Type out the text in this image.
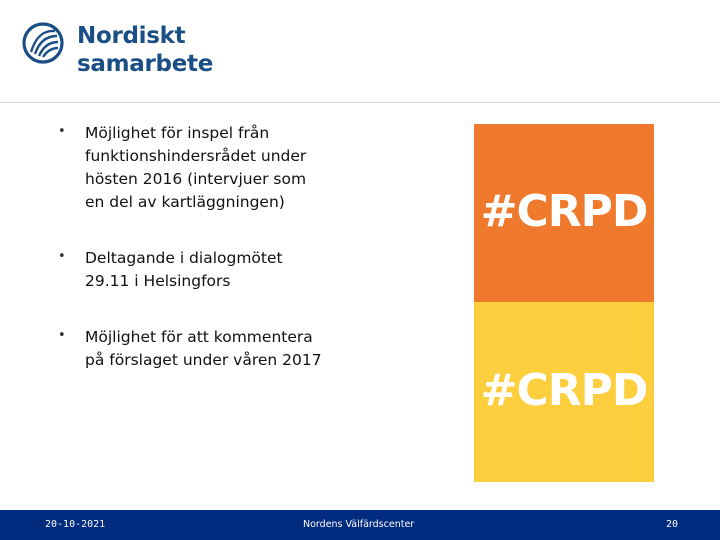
Nordiskt
samarbete
• Möjlighet för inspel från
funktionshindersrådet under
hösten 2016 (intervjuer som
en del av kartläggningen)
• Deltagande i dialogmötet
29.11 i Helsingfors
• Möjlighet för att kommentera
på förslaget under våren 2017
#CRPD
#CRPD
20-10-2021	Nordens Välfärdscenter	20
